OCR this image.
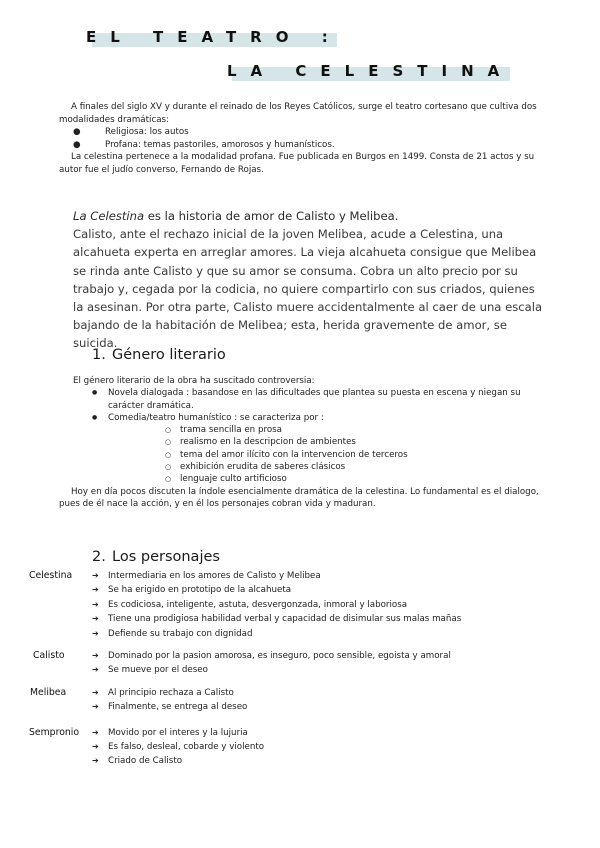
EL TEATRO :
LA CELESTINA

A finales del siglo XV y durante el reinado de los Reyes Católicos, surge el teatro cortesano que cultiva dos modalidades dramáticas:

●	Religiosa: los autos

●	Profana: temas pastoriles, amorosos y humanísticos.

La celestina pertenece a la modalidad profana. Fue publicada en Burgos en 1499. Consta de 21 actos y su autor fue el judío converso, Fernando de Rojas.

La Celestina es la historia de amor de Calisto y Melibea.

Calisto, ante el rechazo inicial de la joven Melibea, acude a Celestina, una alcahueta experta en arreglar amores. La vieja alcahueta consigue que Melibea se rinda ante Calisto y que su amor se consuma. Cobra un alto precio por su trabajo y, cegada por la codicia, no quiere compartirlo con sus criados, quienes la asesinan. Por otra parte, Calisto muere accidentalmente al caer de una escala bajando de la habitación de Melibea; esta, herida gravemente de amor, se suicida.

1. Género literario

El género literario de la obra ha suscitado controversia:

● Novela dialogada : basandose en las dificultades que plantea su puesta en escena y niegan su carácter dramática.
● Comedia/teatro humanístico : se caracteriza por :
○ trama sencilla en prosa
○ realismo en la descripcion de ambientes
○ tema del amor ilícito con la intervencion de terceros
○ exhibición erudita de saberes clásicos
○ lenguaje culto artificioso

Hoy en día pocos discuten la índole esencialmente dramática de la celestina. Lo fundamental es el dialogo, pues de él nace la acción, y en él los personajes cobran vida y maduran.

2. Los personajes
Celestina	➔ Intermediaria en los amores de Calisto y Melibea
➔ Se ha erigido en prototipo de la alcahueta
➔ Es codiciosa, inteligente, astuta, desvergonzada, inmoral y laboriosa
➔ Tiene una prodigiosa habilidad verbal y capacidad de disimular sus malas mañas
➔ Defiende su trabajo con dignidad
Calisto	➔ Dominado por la pasion amorosa, es inseguro, poco sensible, egoista y amoral
➔ Se mueve por el deseo
Melibea	➔ Al principio rechaza a Calisto
➔ Finalmente, se entrega al deseo
Sempronio	➔ Movido por el interes y la lujuria
➔ Es falso, desleal, cobarde y violento
➔ Criado de Calisto
